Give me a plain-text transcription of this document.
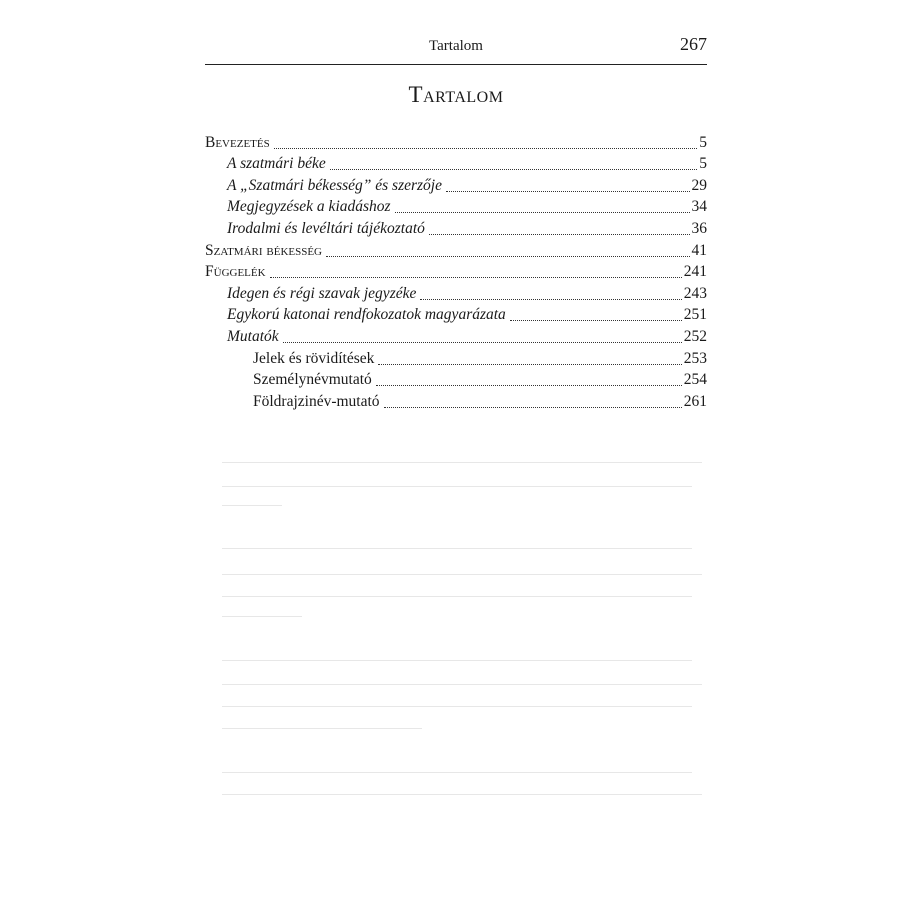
Tartalom	267
Tartalom
Bevezetés	5
A szatmári béke	5
A „Szatmári békesség” és szerzője	29
Megjegyzések a kiadáshoz	34
Irodalmi és levéltári tájékoztató	36
Szatmári békesség	41
Függelék	241
Idegen és régi szavak jegyzéke	243
Egykorú katonai rendfokozatok magyarázata	251
Mutatók	252
Jelek és rövidítések	253
Személynévmutató	254
Földrajzinév-mutató	261
